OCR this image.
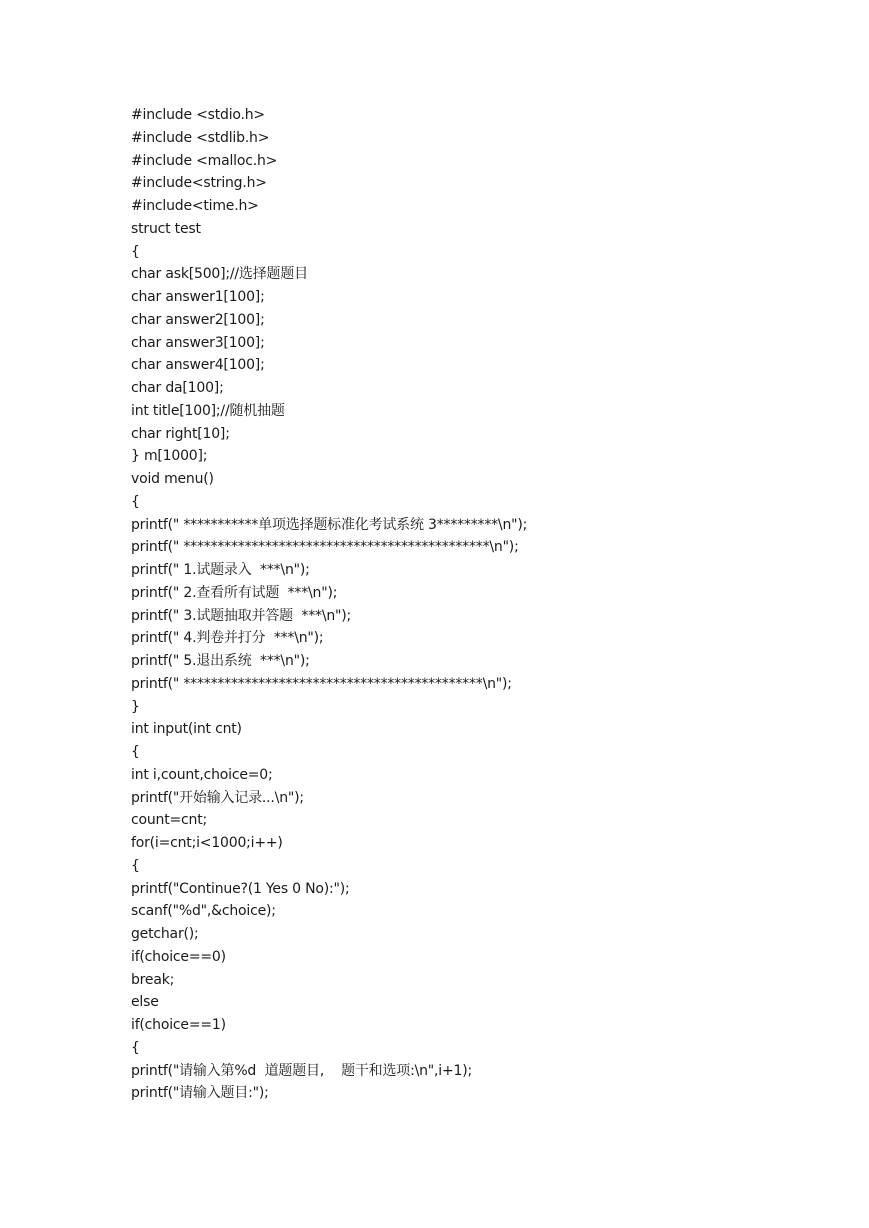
#include <stdio.h>
#include <stdlib.h>
#include <malloc.h>
#include<string.h>
#include<time.h>
struct test
{
char ask[500];//选择题题目
char answer1[100];
char answer2[100];
char answer3[100];
char answer4[100];
char da[100];
int title[100];//随机抽题
char right[10];
} m[1000];
void menu()
{
printf(" ***********单项选择题标准化考试系统 3*********\n");
printf(" *********************************************\n");
printf(" 1.试题录入  ***\n");
printf(" 2.查看所有试题  ***\n");
printf(" 3.试题抽取并答题  ***\n");
printf(" 4.判卷并打分  ***\n");
printf(" 5.退出系统  ***\n");
printf(" ********************************************\n");
}
int input(int cnt)
{
int i,count,choice=0;
printf("开始输入记录...\n");
count=cnt;
for(i=cnt;i<1000;i++)
{
printf("Continue?(1 Yes 0 No):");
scanf("%d",&choice);
getchar();
if(choice==0)
break;
else
if(choice==1)
{
printf("请输入第%d  道题题目,    题干和选项:\n",i+1);
printf("请输入题目:");
